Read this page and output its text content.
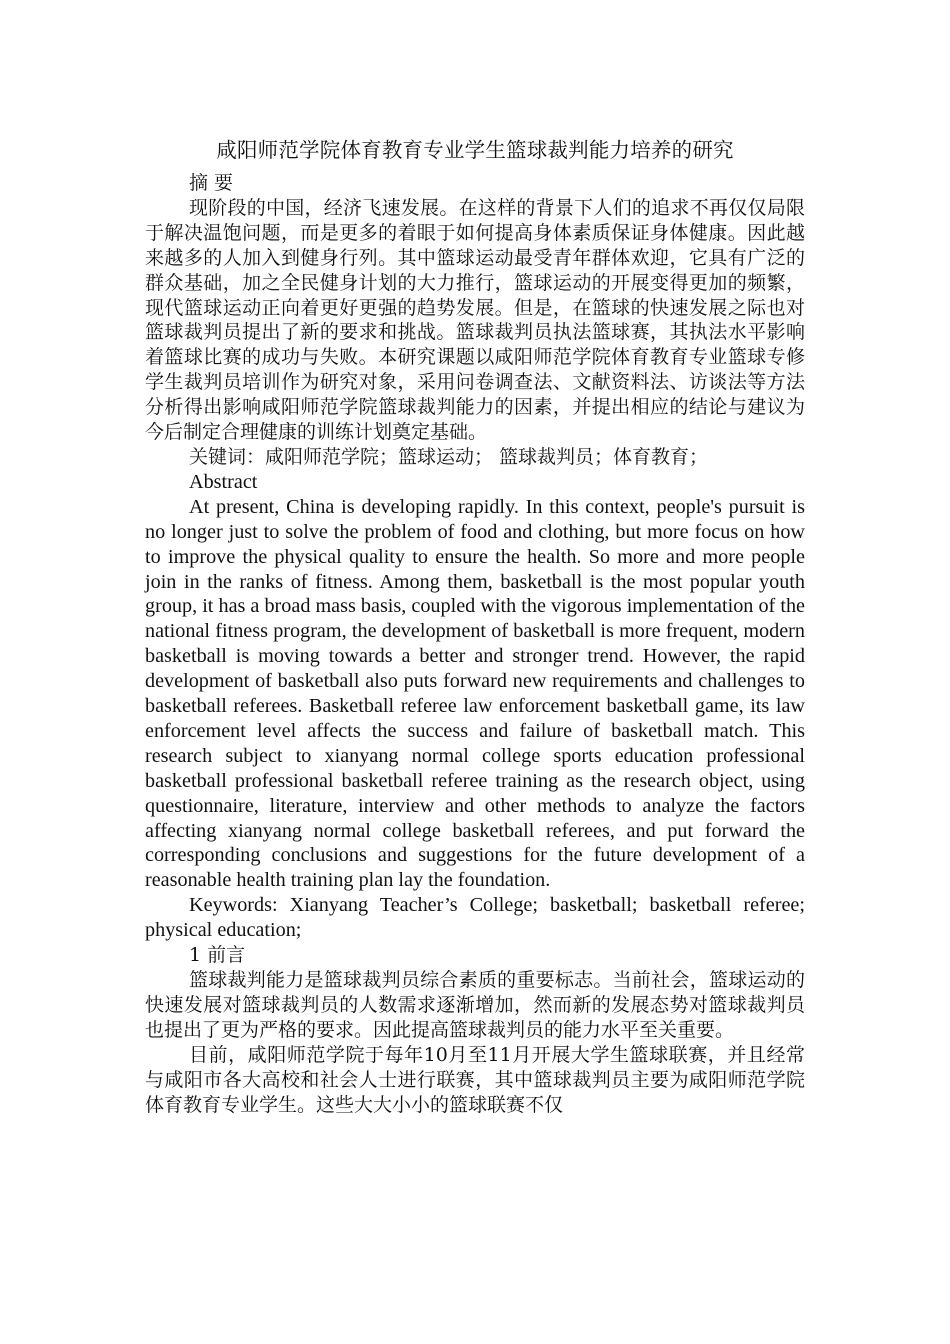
咸阳师范学院体育教育专业学生篮球裁判能力培养的研究
摘 要

现阶段的中国，经济飞速发展。在这样的背景下人们的追求不再仅仅局限于解决温饱问题，而是更多的着眼于如何提高身体素质保证身体健康。因此越来越多的人加入到健身行列。其中篮球运动最受青年群体欢迎，它具有广泛的群众基础，加之全民健身计划的大力推行，篮球运动的开展变得更加的频繁，现代篮球运动正向着更好更强的趋势发展。但是，在篮球的快速发展之际也对篮球裁判员提出了新的要求和挑战。篮球裁判员执法篮球赛，其执法水平影响着篮球比赛的成功与失败。本研究课题以咸阳师范学院体育教育专业篮球专修学生裁判员培训作为研究对象，采用问卷调查法、文献资料法、访谈法等方法分析得出影响咸阳师范学院篮球裁判能力的因素，并提出相应的结论与建议为今后制定合理健康的训练计划奠定基础。

关键词：咸阳师范学院；篮球运动； 篮球裁判员；体育教育；

Abstract

At present, China is developing rapidly. In this context, people's pursuit is no longer just to solve the problem of food and clothing, but more focus on how to improve the physical quality to ensure the health. So more and more people join in the ranks of fitness. Among them, basketball is the most popular youth group, it has a broad mass basis, coupled with the vigorous implementation of the national fitness program, the development of basketball is more frequent, modern basketball is moving towards a better and stronger trend. However, the rapid development of basketball also puts forward new requirements and challenges to basketball referees. Basketball referee law enforcement basketball game, its law enforcement level affects the success and failure of basketball match. This research subject to xianyang normal college sports education professional basketball professional basketball referee training as the research object, using questionnaire, literature, interview and other methods to analyze the factors affecting xianyang normal college basketball referees, and put forward the corresponding conclusions and suggestions for the future development of a reasonable health training plan lay the foundation.

Keywords: Xianyang Teacher’s College; basketball; basketball referee; physical education;

1 前言

篮球裁判能力是篮球裁判员综合素质的重要标志。当前社会，篮球运动的快速发展对篮球裁判员的人数需求逐渐增加，然而新的发展态势对篮球裁判员也提出了更为严格的要求。因此提高篮球裁判员的能力水平至关重要。

目前，咸阳师范学院于每年10月至11月开展大学生篮球联赛，并且经常与咸阳市各大高校和社会人士进行联赛，其中篮球裁判员主要为咸阳师范学院体育教育专业学生。这些大大小小的篮球联赛不仅
